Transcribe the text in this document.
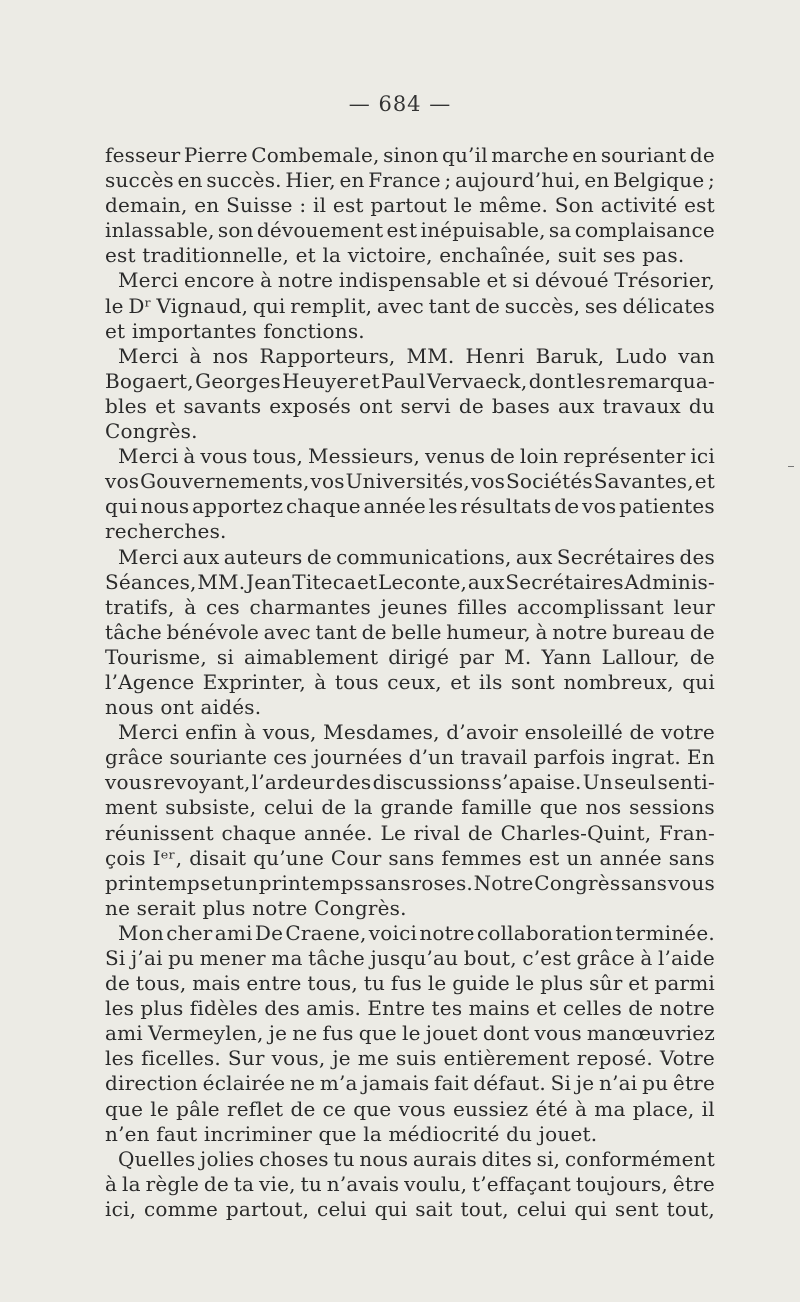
— 684 —
fesseur Pierre Combemale, sinon qu’il marche en souriant de
succès en succès. Hier, en France ; aujourd’hui, en Belgique ;
demain, en Suisse : il est partout le même. Son activité est
inlassable, son dévouement est inépuisable, sa complaisance
est traditionnelle, et la victoire, enchaînée, suit ses pas.
Merci encore à notre indispensable et si dévoué Trésorier,
le Dʳ Vignaud, qui remplit, avec tant de succès, ses délicates
et importantes fonctions.
Merci à nos Rapporteurs, MM. Henri Baruk, Ludo van
Bogaert, Georges Heuyer et Paul Vervaeck, dont les remarqua-
bles et savants exposés ont servi de bases aux travaux du
Congrès.
Merci à vous tous, Messieurs, venus de loin représenter ici
vos Gouvernements, vos Universités, vos Sociétés Savantes, et
qui nous apportez chaque année les résultats de vos patientes
recherches.
Merci aux auteurs de communications, aux Secrétaires des
Séances, MM. Jean Titeca et Leconte, aux Secrétaires Adminis-
tratifs, à ces charmantes jeunes filles accomplissant leur
tâche bénévole avec tant de belle humeur, à notre bureau de
Tourisme, si aimablement dirigé par M. Yann Lallour, de
l’Agence Exprinter, à tous ceux, et ils sont nombreux, qui
nous ont aidés.
Merci enfin à vous, Mesdames, d’avoir ensoleillé de votre
grâce souriante ces journées d’un travail parfois ingrat. En
vous revoyant, l’ardeur des discussions s’apaise. Un seul senti-
ment subsiste, celui de la grande famille que nos sessions
réunissent chaque année. Le rival de Charles-Quint, Fran-
çois Iᵉʳ, disait qu’une Cour sans femmes est un année sans
printemps et un printemps sans roses. Notre Congrès sans vous
ne serait plus notre Congrès.
Mon cher ami De Craene, voici notre collaboration terminée.
Si j’ai pu mener ma tâche jusqu’au bout, c’est grâce à l’aide
de tous, mais entre tous, tu fus le guide le plus sûr et parmi
les plus fidèles des amis. Entre tes mains et celles de notre
ami Vermeylen, je ne fus que le jouet dont vous manœuvriez
les ficelles. Sur vous, je me suis entièrement reposé. Votre
direction éclairée ne m’a jamais fait défaut. Si je n’ai pu être
que le pâle reflet de ce que vous eussiez été à ma place, il
n’en faut incriminer que la médiocrité du jouet.
Quelles jolies choses tu nous aurais dites si, conformément
à la règle de ta vie, tu n’avais voulu, t’effaçant toujours, être
ici, comme partout, celui qui sait tout, celui qui sent tout,
